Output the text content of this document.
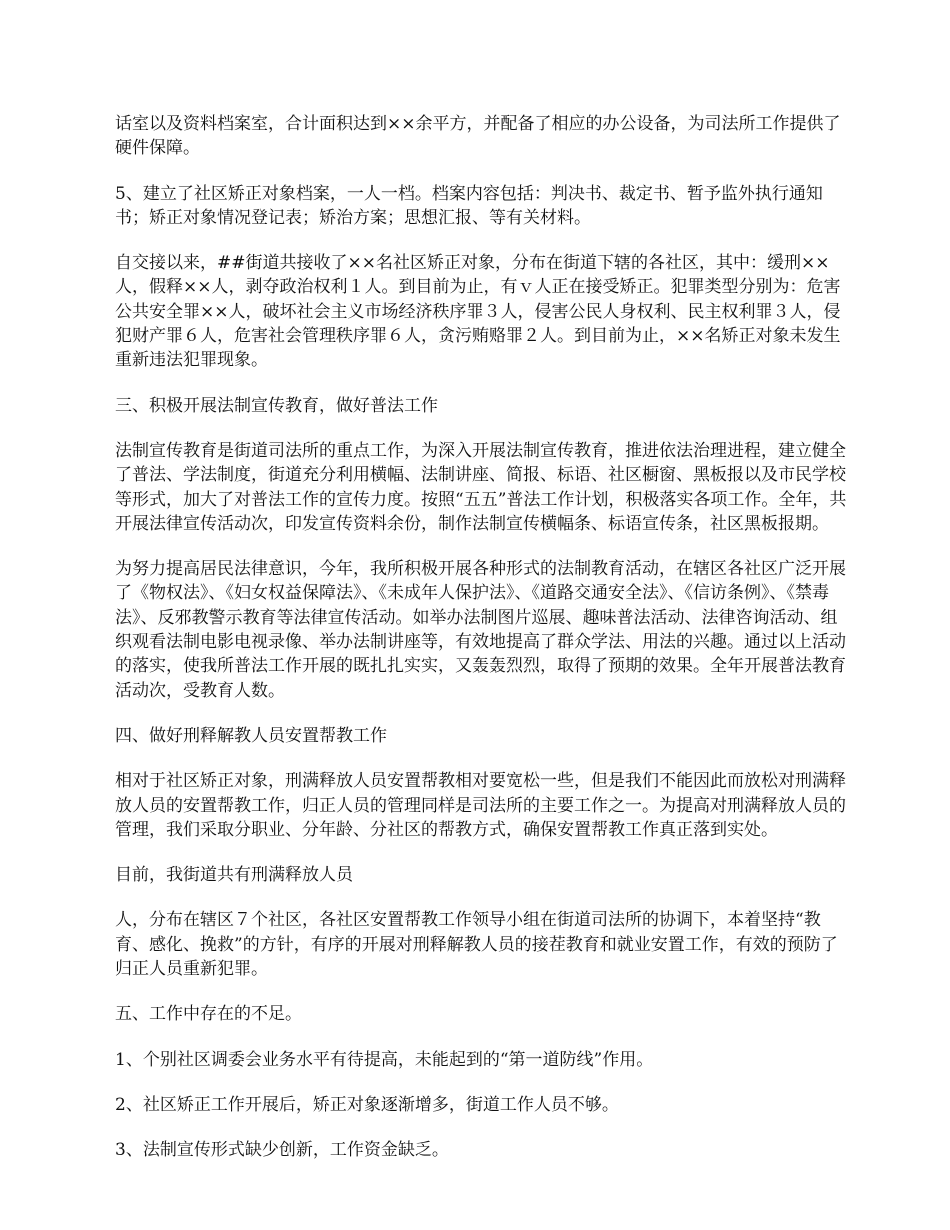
话室以及资料档案室，合计面积达到××余平方，并配备了相应的办公设备，为司法所工作提供了硬件保障。

5、建立了社区矫正对象档案，一人一档。档案内容包括：判决书、裁定书、暂予监外执行通知书；矫正对象情况登记表；矫治方案；思想汇报、等有关材料。

自交接以来，##街道共接收了××名社区矫正对象，分布在街道下辖的各社区，其中：缓刑××人，假释××人，剥夺政治权利１人。到目前为止，有ｖ人正在接受矫正。犯罪类型分别为：危害公共安全罪××人，破坏社会主义市场经济秩序罪３人，侵害公民人身权利、民主权利罪３人，侵犯财产罪６人，危害社会管理秩序罪６人，贪污贿赂罪２人。到目前为止，××名矫正对象未发生重新违法犯罪现象。

三、积极开展法制宣传教育，做好普法工作

法制宣传教育是街道司法所的重点工作，为深入开展法制宣传教育，推进依法治理进程，建立健全了普法、学法制度，街道充分利用横幅、法制讲座、简报、标语、社区橱窗、黑板报以及市民学校等形式，加大了对普法工作的宣传力度。按照“五五”普法工作计划，积极落实各项工作。全年，共开展法律宣传活动次，印发宣传资料余份，制作法制宣传横幅条、标语宣传条，社区黑板报期。

为努力提高居民法律意识，今年，我所积极开展各种形式的法制教育活动，在辖区各社区广泛开展了《物权法》、《妇女权益保障法》、《未成年人保护法》、《道路交通安全法》、《信访条例》、《禁毒法》、反邪教警示教育等法律宣传活动。如举办法制图片巡展、趣味普法活动、法律咨询活动、组织观看法制电影电视录像、举办法制讲座等，有效地提高了群众学法、用法的兴趣。通过以上活动的落实，使我所普法工作开展的既扎扎实实，又轰轰烈烈，取得了预期的效果。全年开展普法教育活动次，受教育人数。

四、做好刑释解教人员安置帮教工作

相对于社区矫正对象，刑满释放人员安置帮教相对要宽松一些，但是我们不能因此而放松对刑满释放人员的安置帮教工作，归正人员的管理同样是司法所的主要工作之一。为提高对刑满释放人员的管理，我们采取分职业、分年龄、分社区的帮教方式，确保安置帮教工作真正落到实处。

目前，我街道共有刑满释放人员

人，分布在辖区７个社区，各社区安置帮教工作领导小组在街道司法所的协调下，本着坚持“教育、感化、挽救”的方针，有序的开展对刑释解教人员的接茬教育和就业安置工作，有效的预防了归正人员重新犯罪。

五、工作中存在的不足。

1、个别社区调委会业务水平有待提高，未能起到的“第一道防线”作用。

2、社区矫正工作开展后，矫正对象逐渐增多，街道工作人员不够。

3、法制宣传形式缺少创新，工作资金缺乏。
